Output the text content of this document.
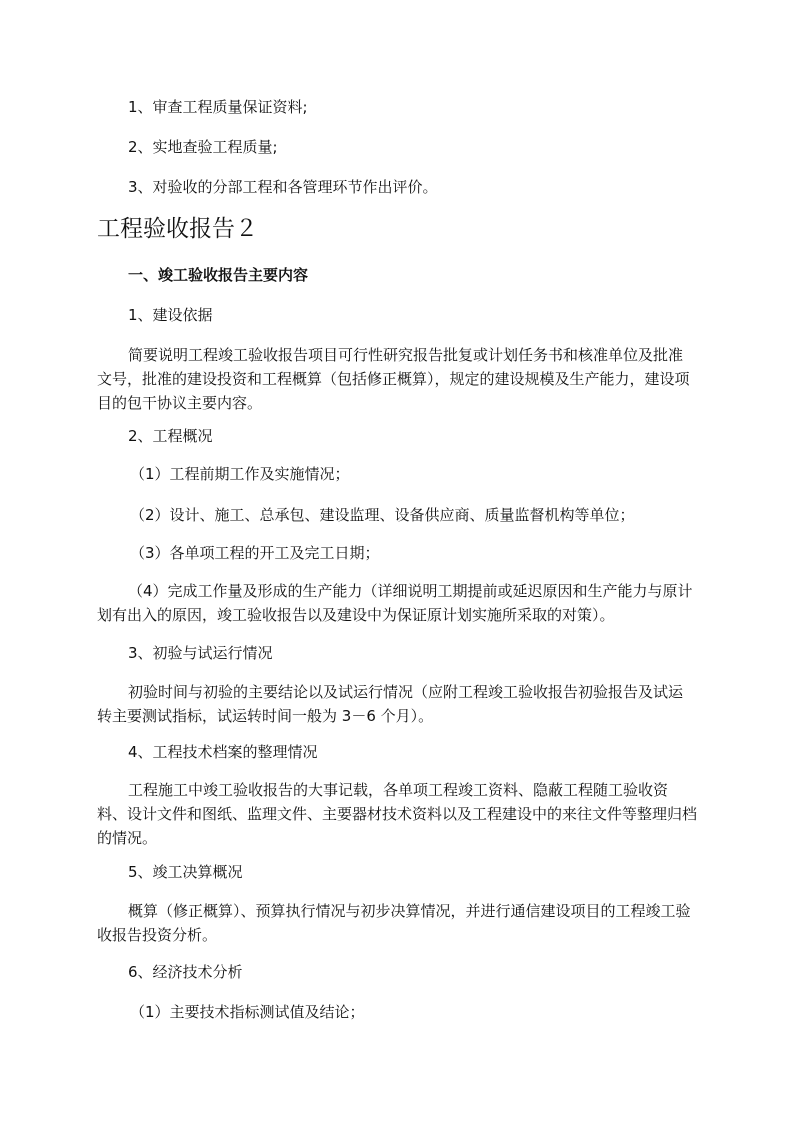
1、审查工程质量保证资料;
2、实地查验工程质量;
3、对验收的分部工程和各管理环节作出评价。
工程验收报告２
一、竣工验收报告主要内容
1、建设依据
简要说明工程竣工验收报告项目可行性研究报告批复或计划任务书和核准单位及批准文号，批准的建设投资和工程概算（包括修正概算），规定的建设规模及生产能力，建设项目的包干协议主要内容。
2、工程概况
（1）工程前期工作及实施情况；
（2）设计、施工、总承包、建设监理、设备供应商、质量监督机构等单位；
（3）各单项工程的开工及完工日期；
（4）完成工作量及形成的生产能力（详细说明工期提前或延迟原因和生产能力与原计划有出入的原因，竣工验收报告以及建设中为保证原计划实施所采取的对策）。
3、初验与试运行情况
初验时间与初验的主要结论以及试运行情况（应附工程竣工验收报告初验报告及试运转主要测试指标，试运转时间一般为 3－6 个月）。
4、工程技术档案的整理情况
工程施工中竣工验收报告的大事记载，各单项工程竣工资料、隐蔽工程随工验收资料、设计文件和图纸、监理文件、主要器材技术资料以及工程建设中的来往文件等整理归档的情况。
5、竣工决算概况
概算（修正概算）、预算执行情况与初步决算情况，并进行通信建设项目的工程竣工验收报告投资分析。
6、经济技术分析
（1）主要技术指标测试值及结论；
